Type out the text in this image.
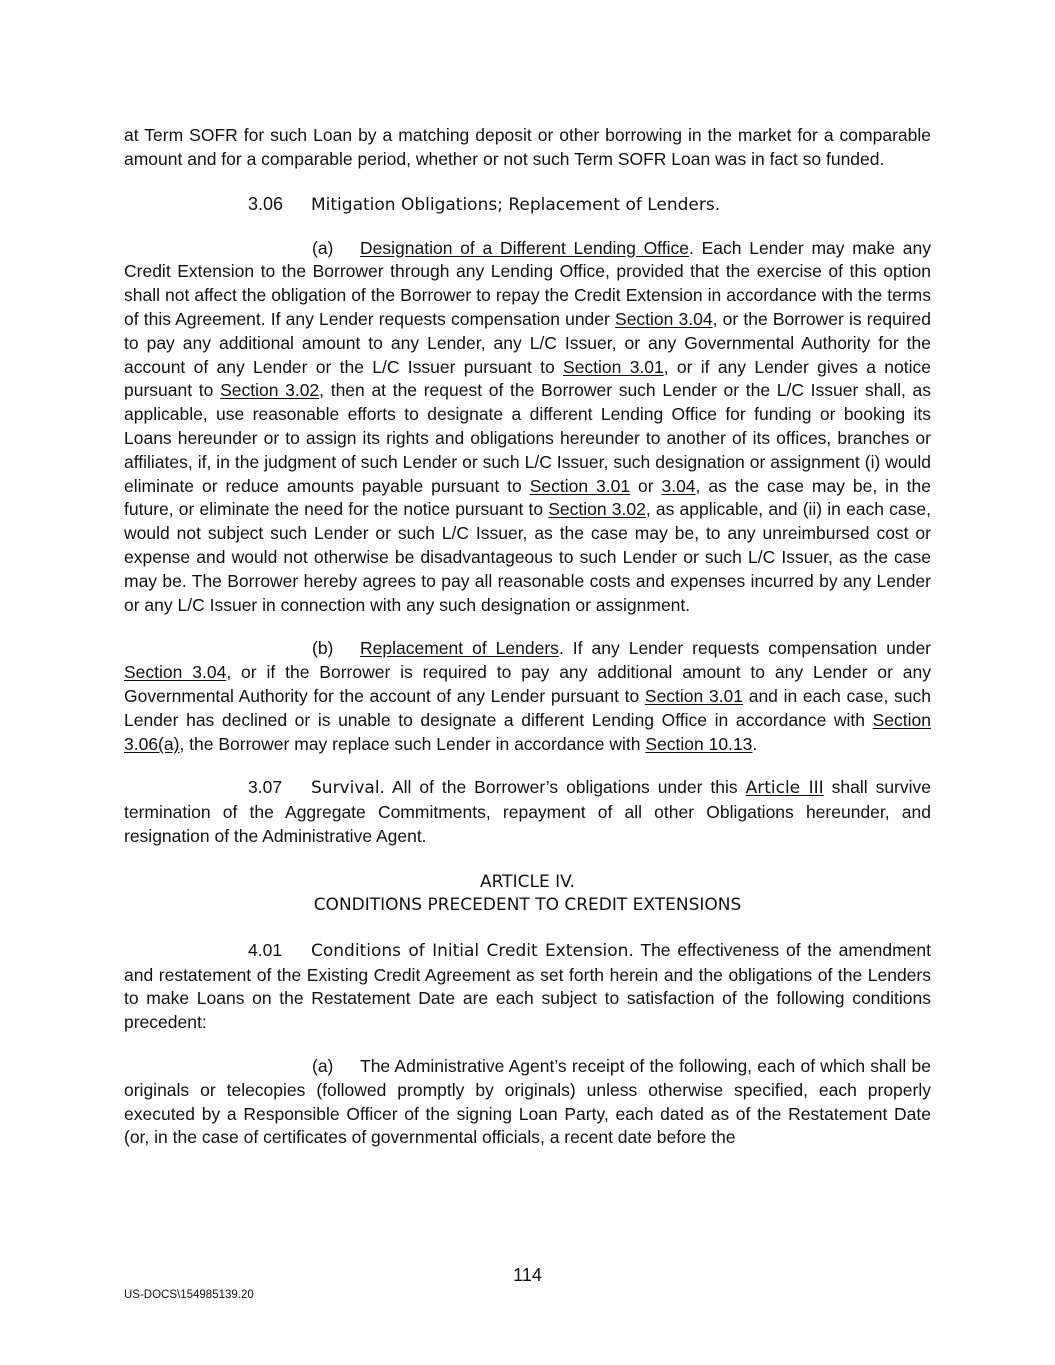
at Term SOFR for such Loan by a matching deposit or other borrowing in the market for a comparable amount and for a comparable period, whether or not such Term SOFR Loan was in fact so funded.

3.06 Mitigation Obligations; Replacement of Lenders.

(a) Designation of a Different Lending Office. Each Lender may make any Credit Extension to the Borrower through any Lending Office, provided that the exercise of this option shall not affect the obligation of the Borrower to repay the Credit Extension in accordance with the terms of this Agreement. If any Lender requests compensation under Section 3.04, or the Borrower is required to pay any additional amount to any Lender, any L/C Issuer, or any Governmental Authority for the account of any Lender or the L/C Issuer pursuant to Section 3.01, or if any Lender gives a notice pursuant to Section 3.02, then at the request of the Borrower such Lender or the L/C Issuer shall, as applicable, use reasonable efforts to designate a different Lending Office for funding or booking its Loans hereunder or to assign its rights and obligations hereunder to another of its offices, branches or affiliates, if, in the judgment of such Lender or such L/C Issuer, such designation or assignment (i) would eliminate or reduce amounts payable pursuant to Section 3.01 or 3.04, as the case may be, in the future, or eliminate the need for the notice pursuant to Section 3.02, as applicable, and (ii) in each case, would not subject such Lender or such L/C Issuer, as the case may be, to any unreimbursed cost or expense and would not otherwise be disadvantageous to such Lender or such L/C Issuer, as the case may be. The Borrower hereby agrees to pay all reasonable costs and expenses incurred by any Lender or any L/C Issuer in connection with any such designation or assignment.

(b) Replacement of Lenders. If any Lender requests compensation under Section 3.04, or if the Borrower is required to pay any additional amount to any Lender or any Governmental Authority for the account of any Lender pursuant to Section 3.01 and in each case, such Lender has declined or is unable to designate a different Lending Office in accordance with Section 3.06(a), the Borrower may replace such Lender in accordance with Section 10.13.

3.07 Survival. All of the Borrower’s obligations under this Article III shall survive termination of the Aggregate Commitments, repayment of all other Obligations hereunder, and resignation of the Administrative Agent.

ARTICLE IV.
CONDITIONS PRECEDENT TO CREDIT EXTENSIONS

4.01 Conditions of Initial Credit Extension. The effectiveness of the amendment and restatement of the Existing Credit Agreement as set forth herein and the obligations of the Lenders to make Loans on the Restatement Date are each subject to satisfaction of the following conditions precedent:

(a) The Administrative Agent’s receipt of the following, each of which shall be originals or telecopies (followed promptly by originals) unless otherwise specified, each properly executed by a Responsible Officer of the signing Loan Party, each dated as of the Restatement Date (or, in the case of certificates of governmental officials, a recent date before the

114
US-DOCS\154985139.20
